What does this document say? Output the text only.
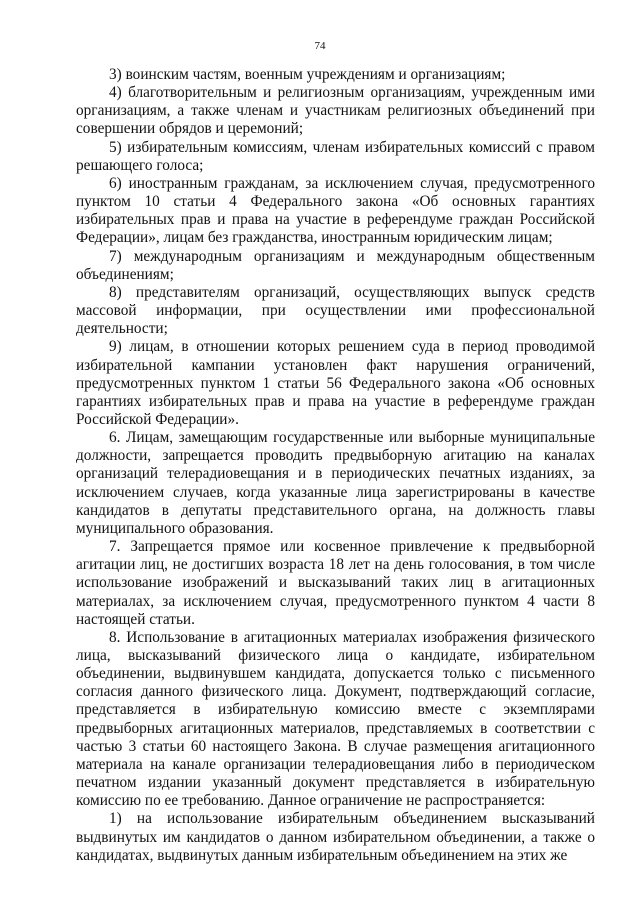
74

3) воинским частям, военным учреждениям и организациям;

4) благотворительным и религиозным организациям, учрежденным ими организациям, а также членам и участникам религиозных объединений при совершении обрядов и церемоний;

5) избирательным комиссиям, членам избирательных комиссий с правом решающего голоса;

6) иностранным гражданам, за исключением случая, предусмотренного пунктом 10 статьи 4 Федерального закона «Об основных гарантиях избирательных прав и права на участие в референдуме граждан Российской Федерации», лицам без гражданства, иностранным юридическим лицам;

7) международным организациям и международным общественным объединениям;

8) представителям организаций, осуществляющих выпуск средств массовой информации, при осуществлении ими профессиональной деятельности;

9) лицам, в отношении которых решением суда в период проводимой избирательной кампании установлен факт нарушения ограничений, предусмотренных пунктом 1 статьи 56 Федерального закона «Об основных гарантиях избирательных прав и права на участие в референдуме граждан Российской Федерации».

6. Лицам, замещающим государственные или выборные муниципальные должности, запрещается проводить предвыборную агитацию на каналах организаций телерадиовещания и в периодических печатных изданиях, за исключением случаев, когда указанные лица зарегистрированы в качестве кандидатов в депутаты представительного органа, на должность главы муниципального образования.

7. Запрещается прямое или косвенное привлечение к предвыборной агитации лиц, не достигших возраста 18 лет на день голосования, в том числе использование изображений и высказываний таких лиц в агитационных материалах, за исключением случая, предусмотренного пунктом 4 части 8 настоящей статьи.

8. Использование в агитационных материалах изображения физического лица, высказываний физического лица о кандидате, избирательном объединении, выдвинувшем кандидата, допускается только с письменного согласия данного физического лица. Документ, подтверждающий согласие, представляется в избирательную комиссию вместе с экземплярами предвыборных агитационных материалов, представляемых в соответствии с частью 3 статьи 60 настоящего Закона. В случае размещения агитационного материала на канале организации телерадиовещания либо в периодическом печатном издании указанный документ представляется в избирательную комиссию по ее требованию. Данное ограничение не распространяется:

1) на использование избирательным объединением высказываний выдвинутых им кандидатов о данном избирательном объединении, а также о кандидатах, выдвинутых данным избирательным объединением на этих же
